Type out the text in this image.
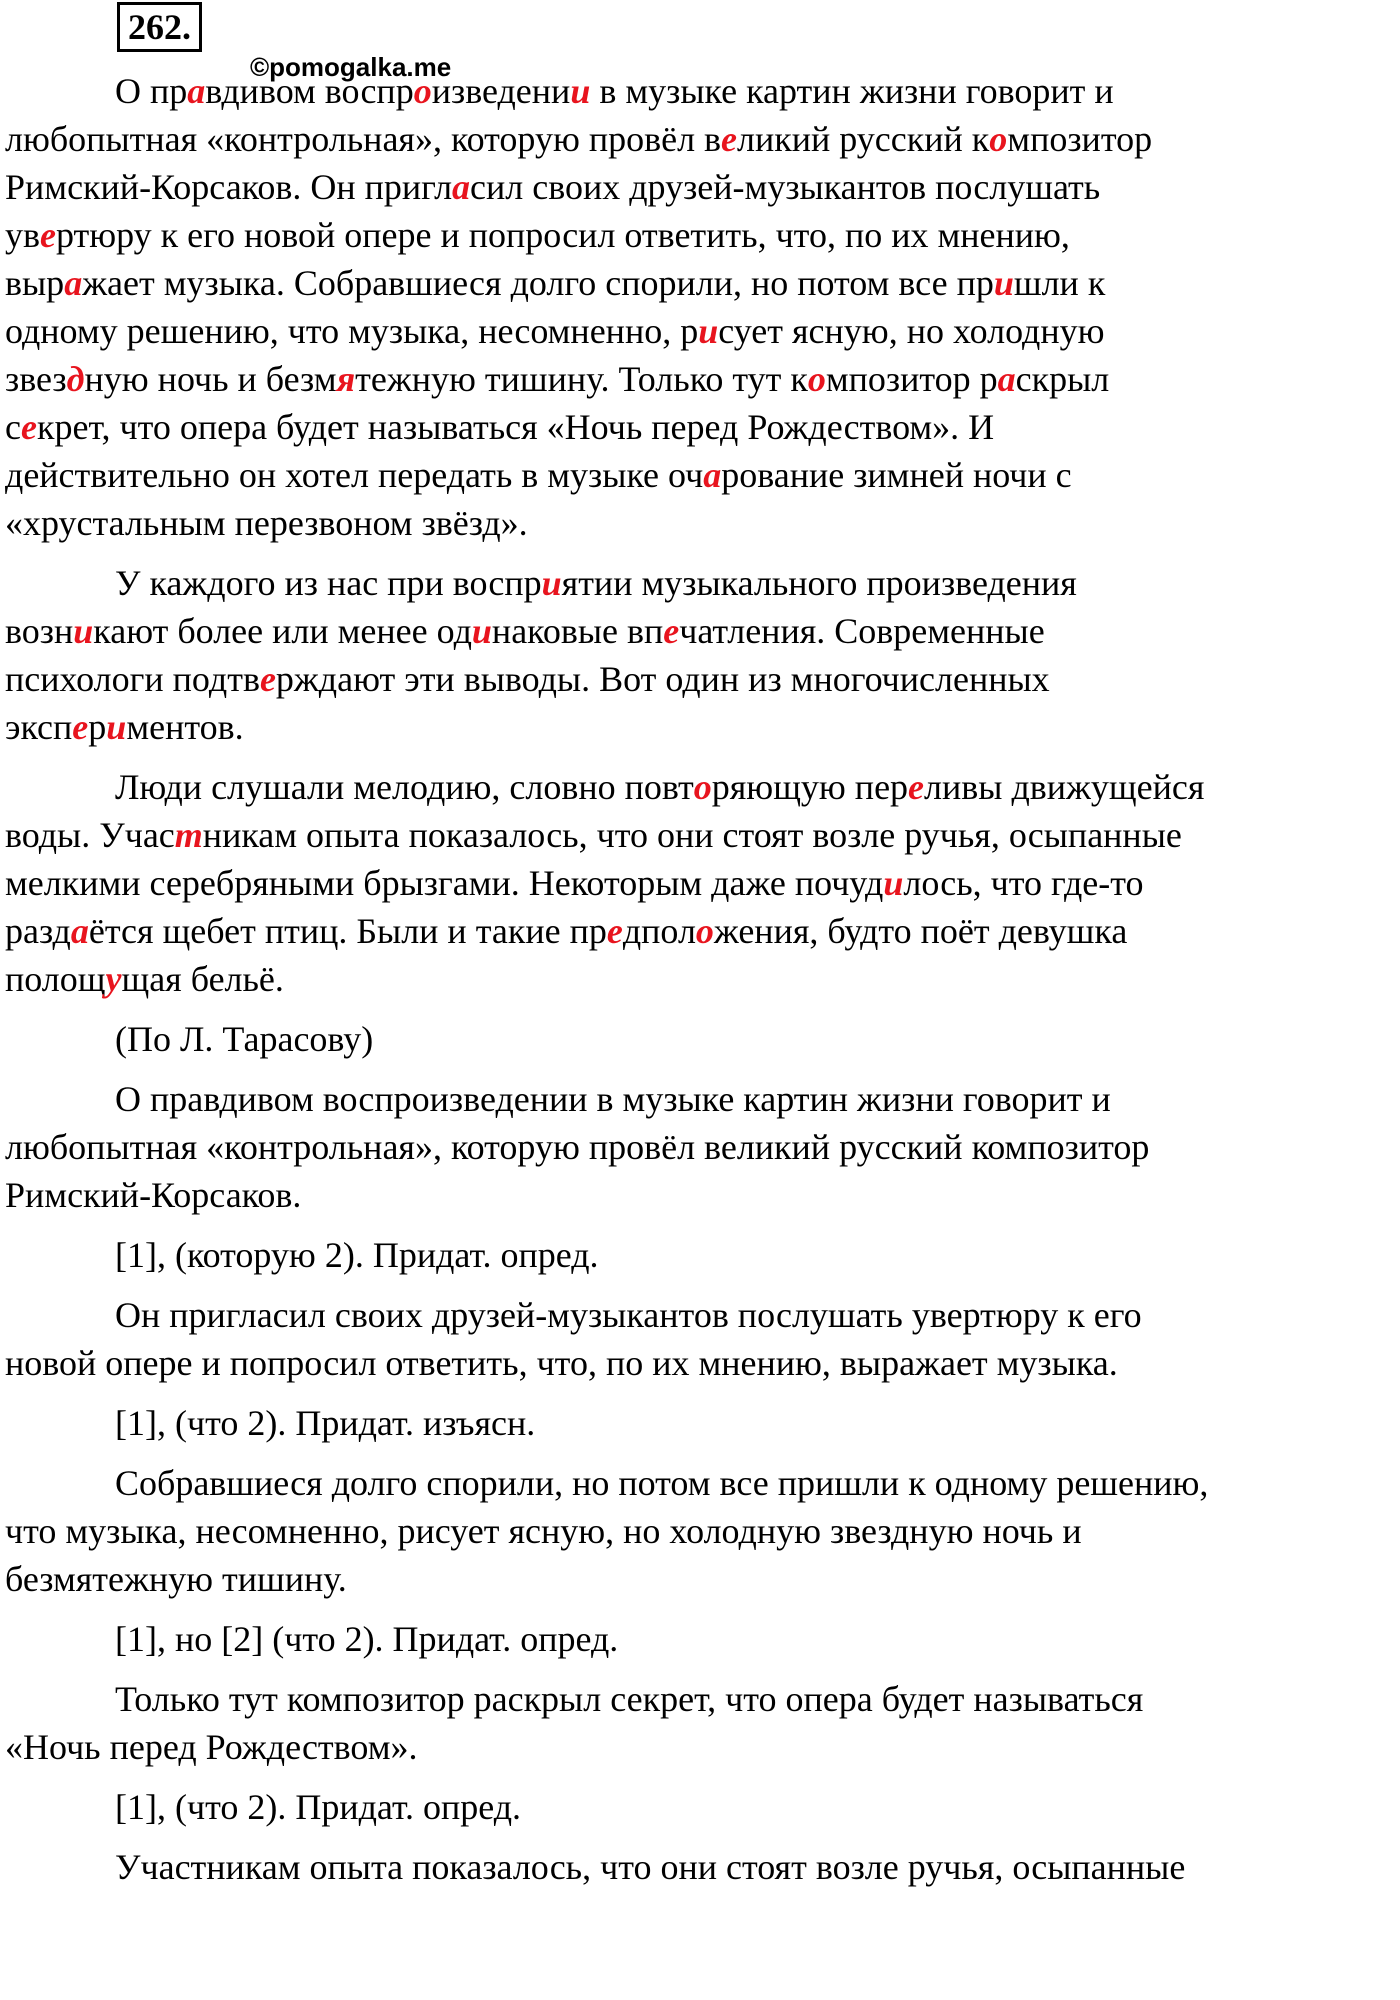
262.
©pomogalka.me
О правдивом воспроизведении в музыке картин жизни говорит и
любопытная «контрольная», которую провёл великий русский композитор
Римский-Корсаков. Он пригласил своих друзей-музыкантов послушать
увертюру к его новой опере и попросил ответить, что, по их мнению,
выражает музыка. Собравшиеся долго спорили, но потом все пришли к
одному решению, что музыка, несомненно, рисует ясную, но холодную
звездную ночь и безмятежную тишину. Только тут композитор раскрыл
секрет, что опера будет называться «Ночь перед Рождеством». И
действительно он хотел передать в музыке очарование зимней ночи с
«хрустальным перезвоном звёзд».
У каждого из нас при восприятии музыкального произведения
возникают более или менее одинаковые впечатления. Современные
психологи подтверждают эти выводы. Вот один из многочисленных
экспериментов.
Люди слушали мелодию, словно повторяющую переливы движущейся
воды. Участникам опыта показалось, что они стоят возле ручья, осыпанные
мелкими серебряными брызгами. Некоторым даже почудилось, что где-то
раздаётся щебет птиц. Были и такие предположения, будто поёт девушка
полощущая бельё.
(По Л. Тарасову)
О правдивом воспроизведении в музыке картин жизни говорит и
любопытная «контрольная», которую провёл великий русский композитор
Римский-Корсаков.
[1], (которую 2). Придат. опред.
Он пригласил своих друзей-музыкантов послушать увертюру к его
новой опере и попросил ответить, что, по их мнению, выражает музыка.
[1], (что 2). Придат. изъясн.
Собравшиеся долго спорили, но потом все пришли к одному решению,
что музыка, несомненно, рисует ясную, но холодную звездную ночь и
безмятежную тишину.
[1], но [2] (что 2). Придат. опред.
Только тут композитор раскрыл секрет, что опера будет называться
«Ночь перед Рождеством».
[1], (что 2). Придат. опред.
Участникам опыта показалось, что они стоят возле ручья, осыпанные
